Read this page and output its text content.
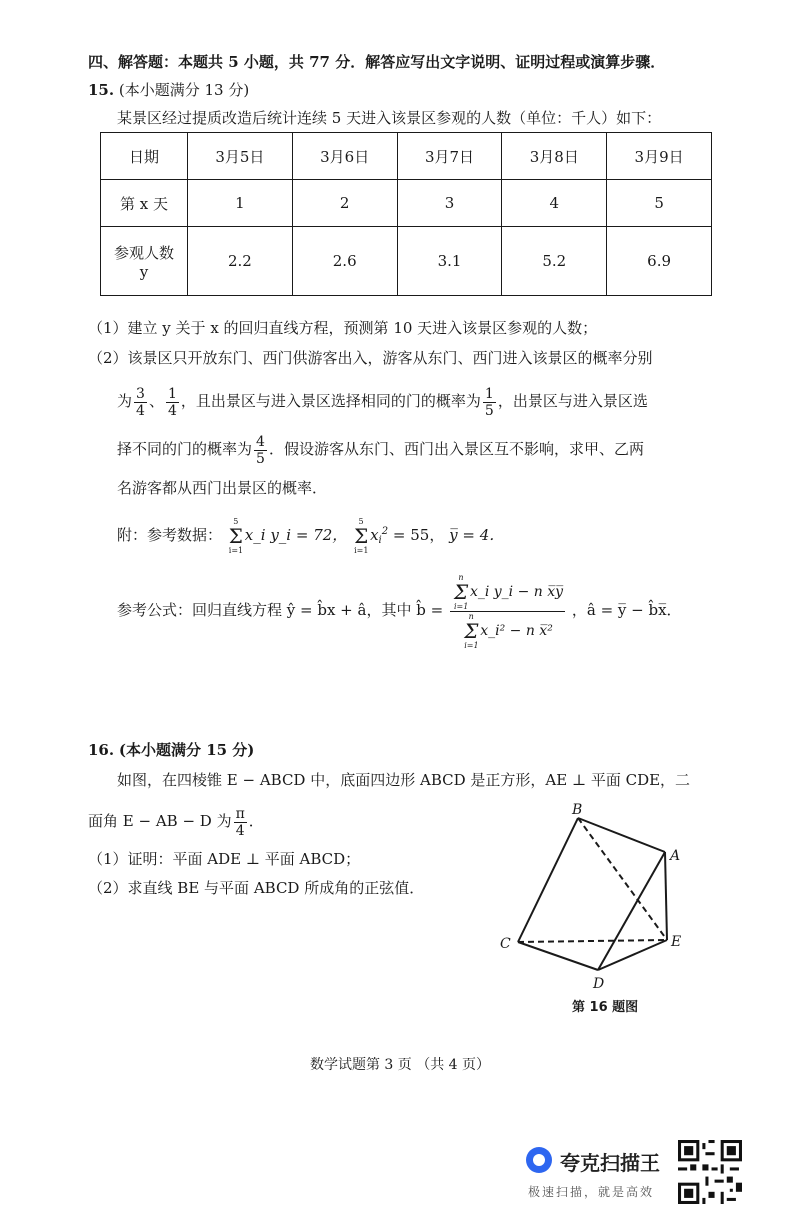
四、解答题：本题共 5 小题，共 77 分．解答应写出文字说明、证明过程或演算步骤．
15. (本小题满分 13 分)
某景区经过提质改造后统计连续 5 天进入该景区参观的人数（单位：千人）如下：
日期	3月5日	3月6日	3月7日	3月8日	3月9日
第 x 天	1	2	3	4	5
参观人数 y	2.2	2.6	3.1	5.2	6.9
（1）建立 y 关于 x 的回归直线方程，预测第 10 天进入该景区参观的人数；
（2）该景区只开放东门、西门供游客出入，游客从东门、西门进入该景区的概率分别
为 $\frac{3}{4}$ 、 $\frac{1}{4}$ ，且出景区与进入景区选择相同的门的概率为 $\frac{1}{5}$ ，出景区与进入景区选
择不同的门的概率为 $\frac{4}{5}$ ．假设游客从东门、西门出入景区互不影响，求甲、乙两
名游客都从西门出景区的概率．
附：参考数据：
5
Σ
i=1
x_i y_i = 72，
5
Σ
i=1
$x_i^2 = 55$， y̅ = 4．
参考公式：回归直线方程 ŷ = b̂x + â，其中 b̂ = n
Σ
i=1
x_i y_i − n x̅y̅
n
Σ
i=1
x_i² − n x̅² ，â = y̅ − b̂x̅．
16. (本小题满分 15 分)
如图，在四棱锥 E − ABCD 中，底面四边形 ABCD 是正方形，AE ⊥ 平面 CDE，二
面角 E − AB − D 为 $\frac{\pi}{4}$ ．
（1）证明：平面 ADE ⊥ 平面 ABCD；
（2）求直线 BE 与平面 ABCD 所成角的正弦值．
B
A
C	E
D
第 16 题图
数学试题第 3 页 （共 4 页）
夸克扫描王
极速扫描，就是高效
